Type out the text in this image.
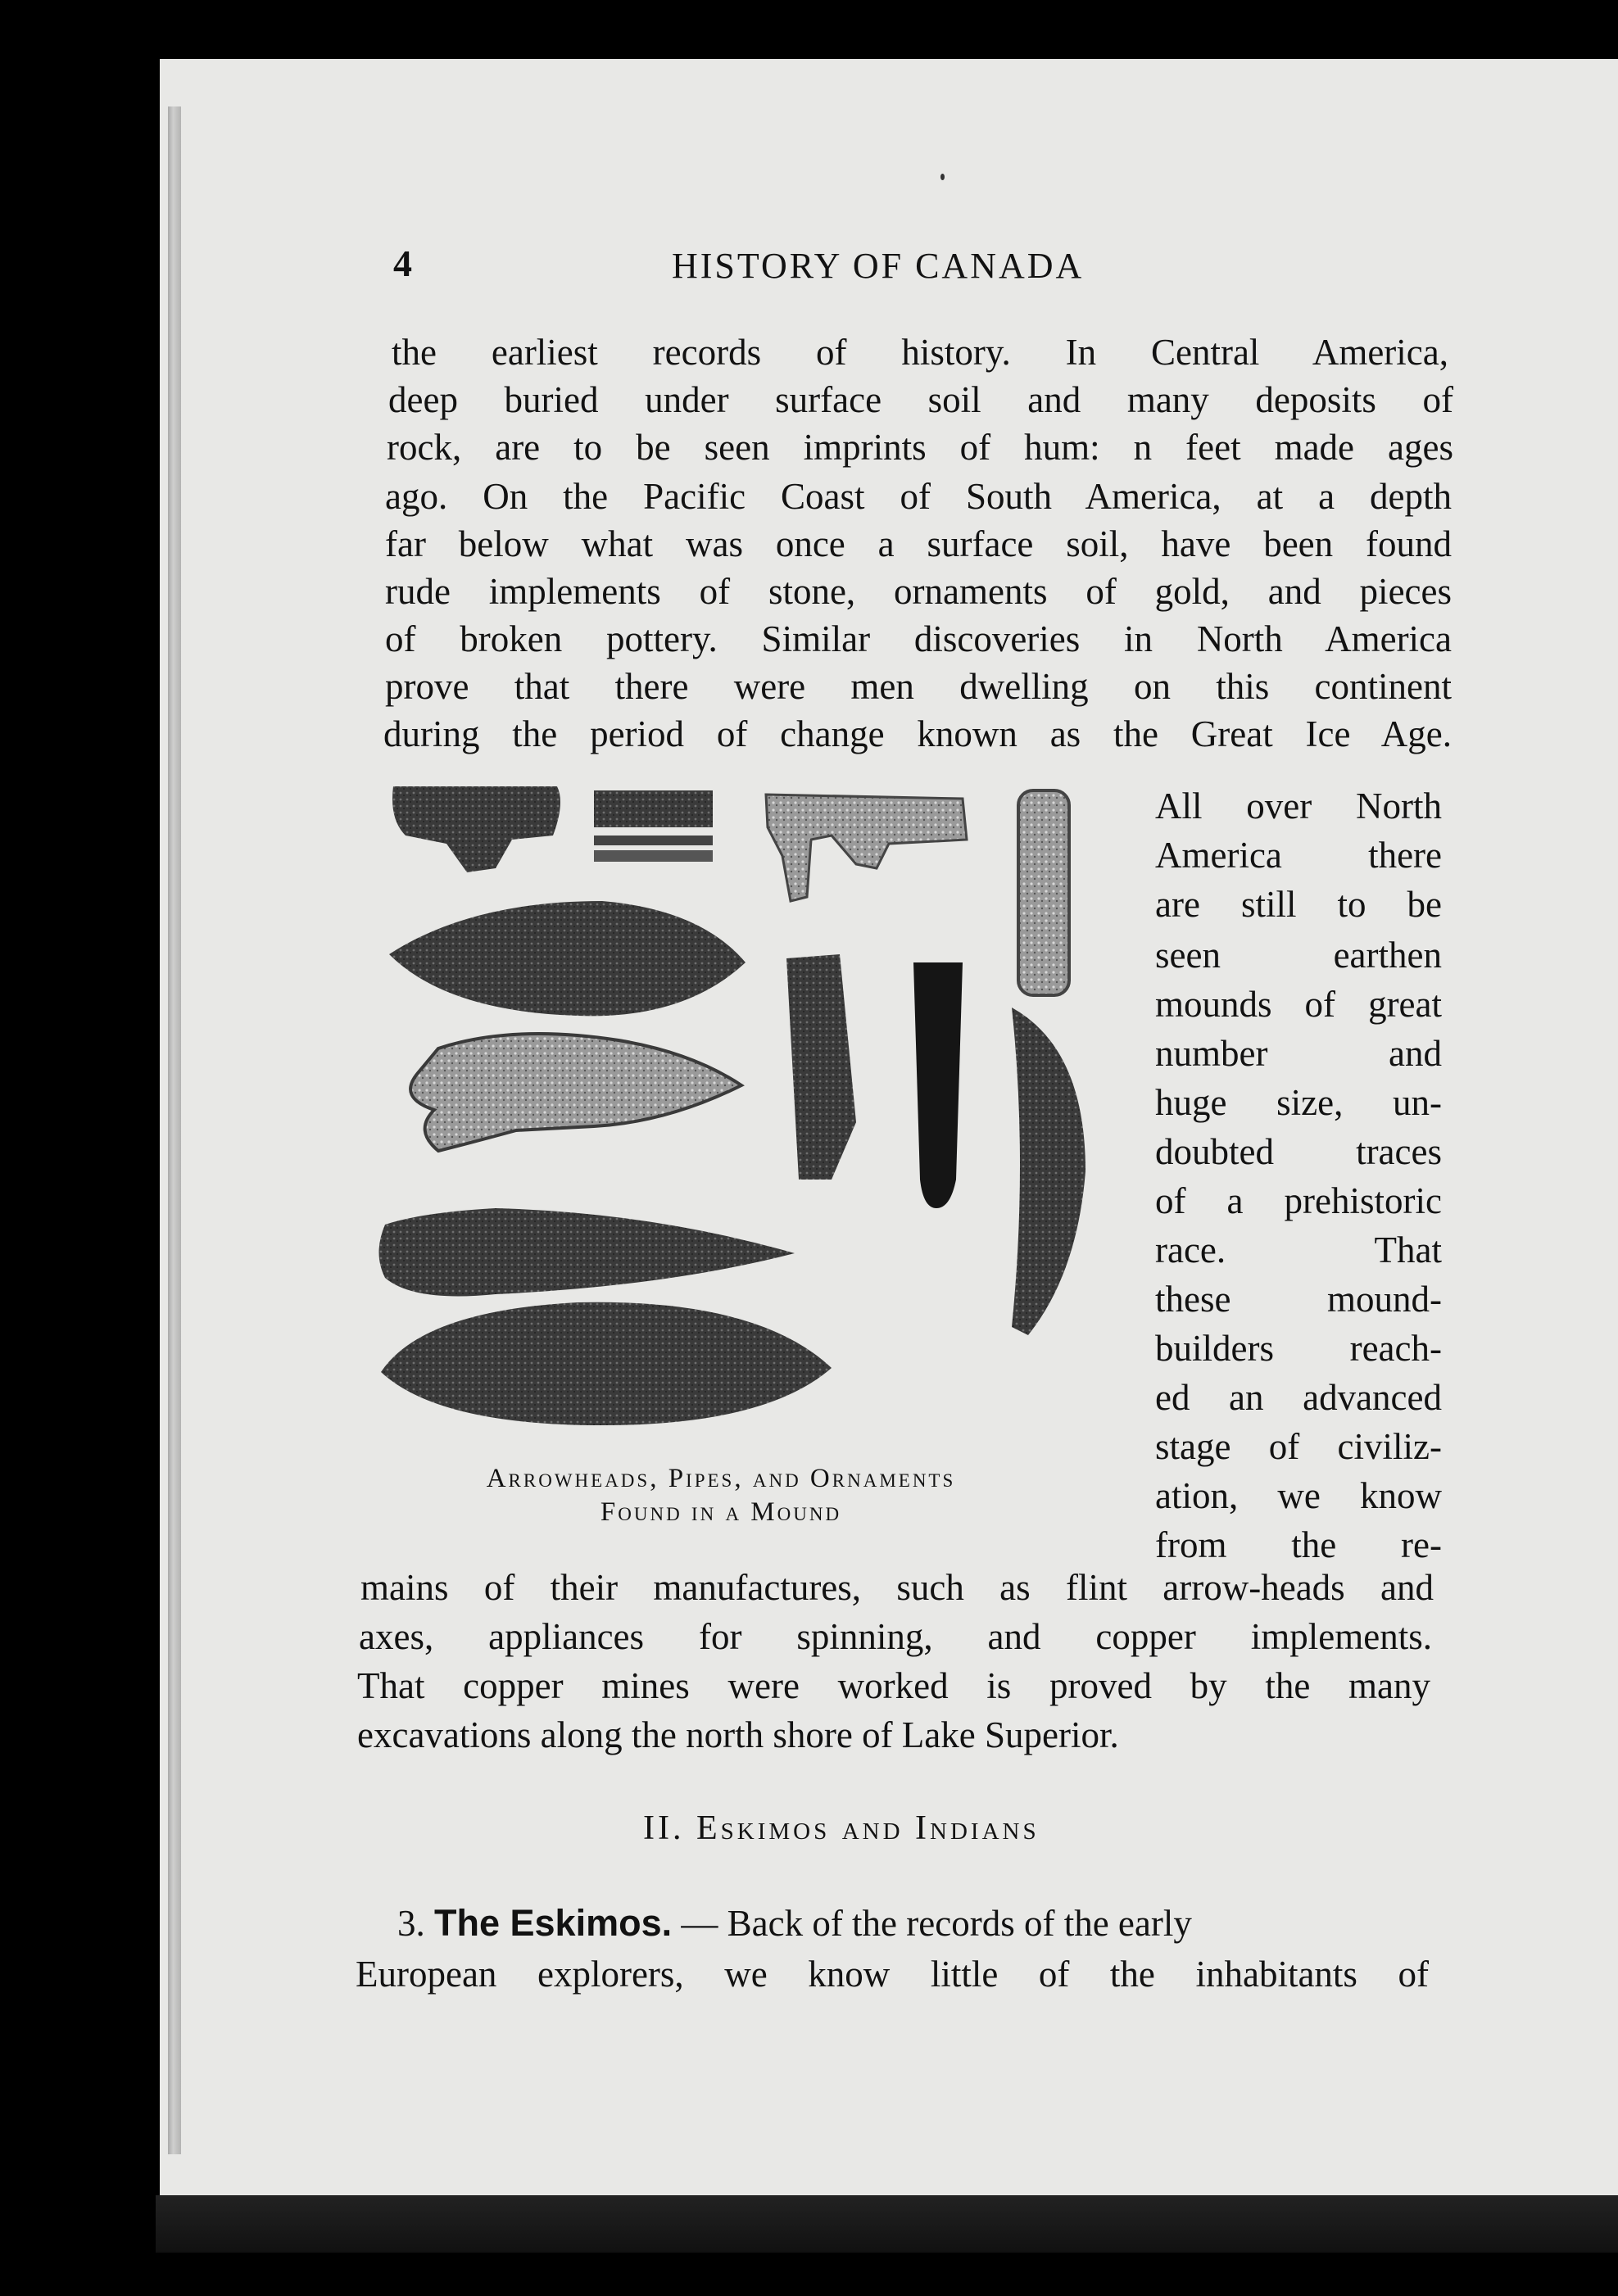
4	HISTORY OF CANADA
the earliest records of history. In Central America,
deep buried under surface soil and many deposits of
rock, are to be seen imprints of hum: n feet made ages
ago. On the Pacific Coast of South America, at a depth
far below what was once a surface soil, have been found
rude implements of stone, ornaments of gold, and pieces
of broken pottery. Similar discoveries in North America
prove that there were men dwelling on this continent
during the period of change known as the Great Ice Age.
Arrowheads, Pipes, and Ornaments
Found in a Mound
All over North
America there
are still to be
seen earthen
mounds of great
number and
huge size, un-
doubted traces
of a prehistoric
race. That
these mound-
builders reach-
ed an advanced
stage of civiliz-
ation, we know
from the re-
mains of their manufactures, such as flint arrow-heads and
axes, appliances for spinning, and copper implements.
That copper mines were worked is proved by the many
excavations along the north shore of Lake Superior.
II. Eskimos and Indians
3. The Eskimos. — Back of the records of the early
European explorers, we know little of the inhabitants of
